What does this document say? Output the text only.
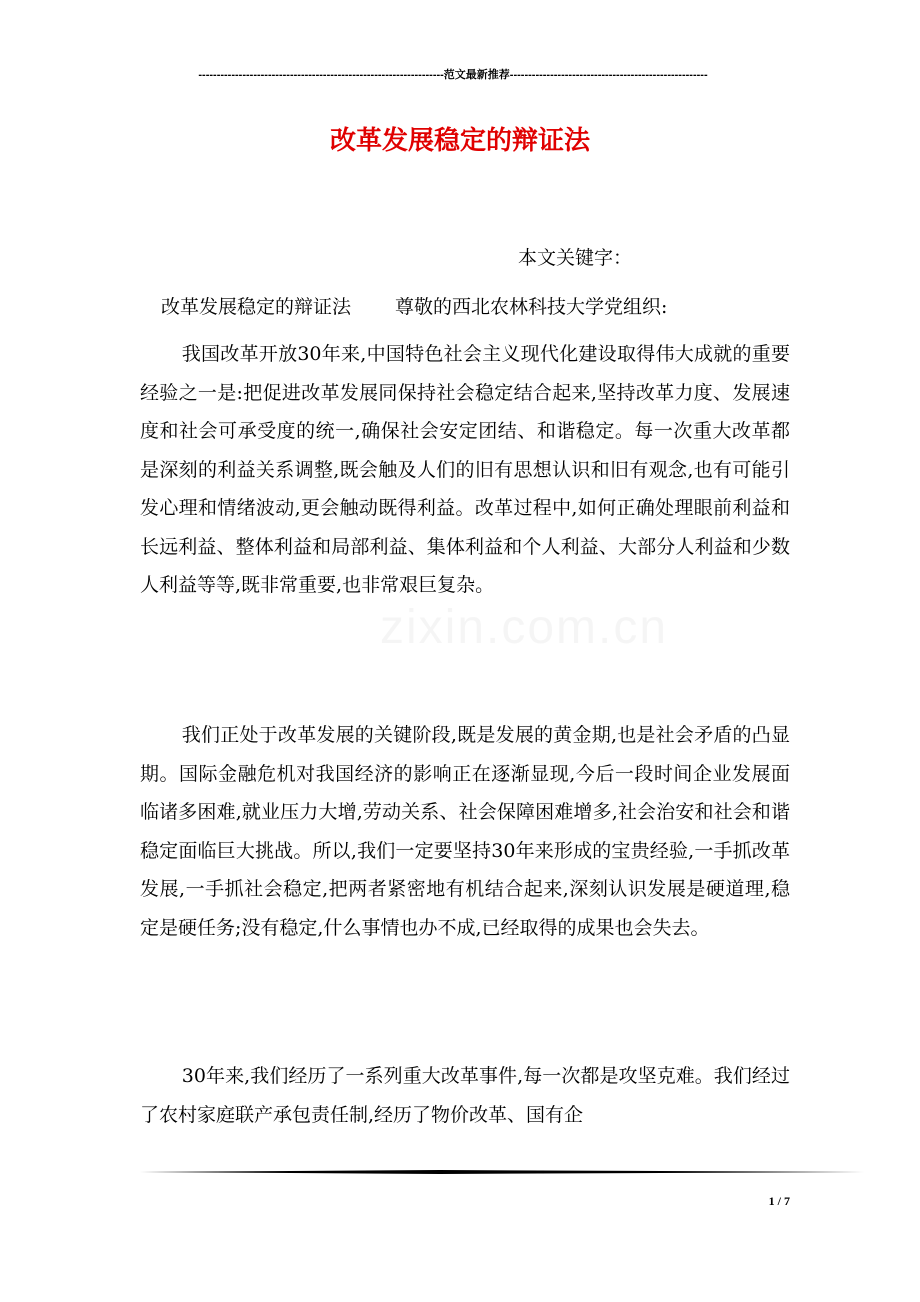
-------------------------------------------------------------------范文最新推荐------------------------------------------------------
改革发展稳定的辩证法
本文关键字：
改革发展稳定的辩证法 尊敬的西北农林科技大学党组织:

我国改革开放30年来,中国特色社会主义现代化建设取得伟大成就的重要经验之一是:把促进改革发展同保持社会稳定结合起来,坚持改革力度、发展速度和社会可承受度的统一,确保社会安定团结、和谐稳定。每一次重大改革都是深刻的利益关系调整,既会触及人们的旧有思想认识和旧有观念,也有可能引发心理和情绪波动,更会触动既得利益。改革过程中,如何正确处理眼前利益和长远利益、整体利益和局部利益、集体利益和个人利益、大部分人利益和少数人利益等等,既非常重要,也非常艰巨复杂。

我们正处于改革发展的关键阶段,既是发展的黄金期,也是社会矛盾的凸显期。国际金融危机对我国经济的影响正在逐渐显现,今后一段时间企业发展面临诸多困难,就业压力大增,劳动关系、社会保障困难增多,社会治安和社会和谐稳定面临巨大挑战。所以,我们一定要坚持30年来形成的宝贵经验,一手抓改革发展,一手抓社会稳定,把两者紧密地有机结合起来,深刻认识发展是硬道理,稳定是硬任务;没有稳定,什么事情也办不成,已经取得的成果也会失去。

30年来,我们经历了一系列重大改革事件,每一次都是攻坚克难。我们经过了农村家庭联产承包责任制,经历了物价改革、国有企

1 / 7
